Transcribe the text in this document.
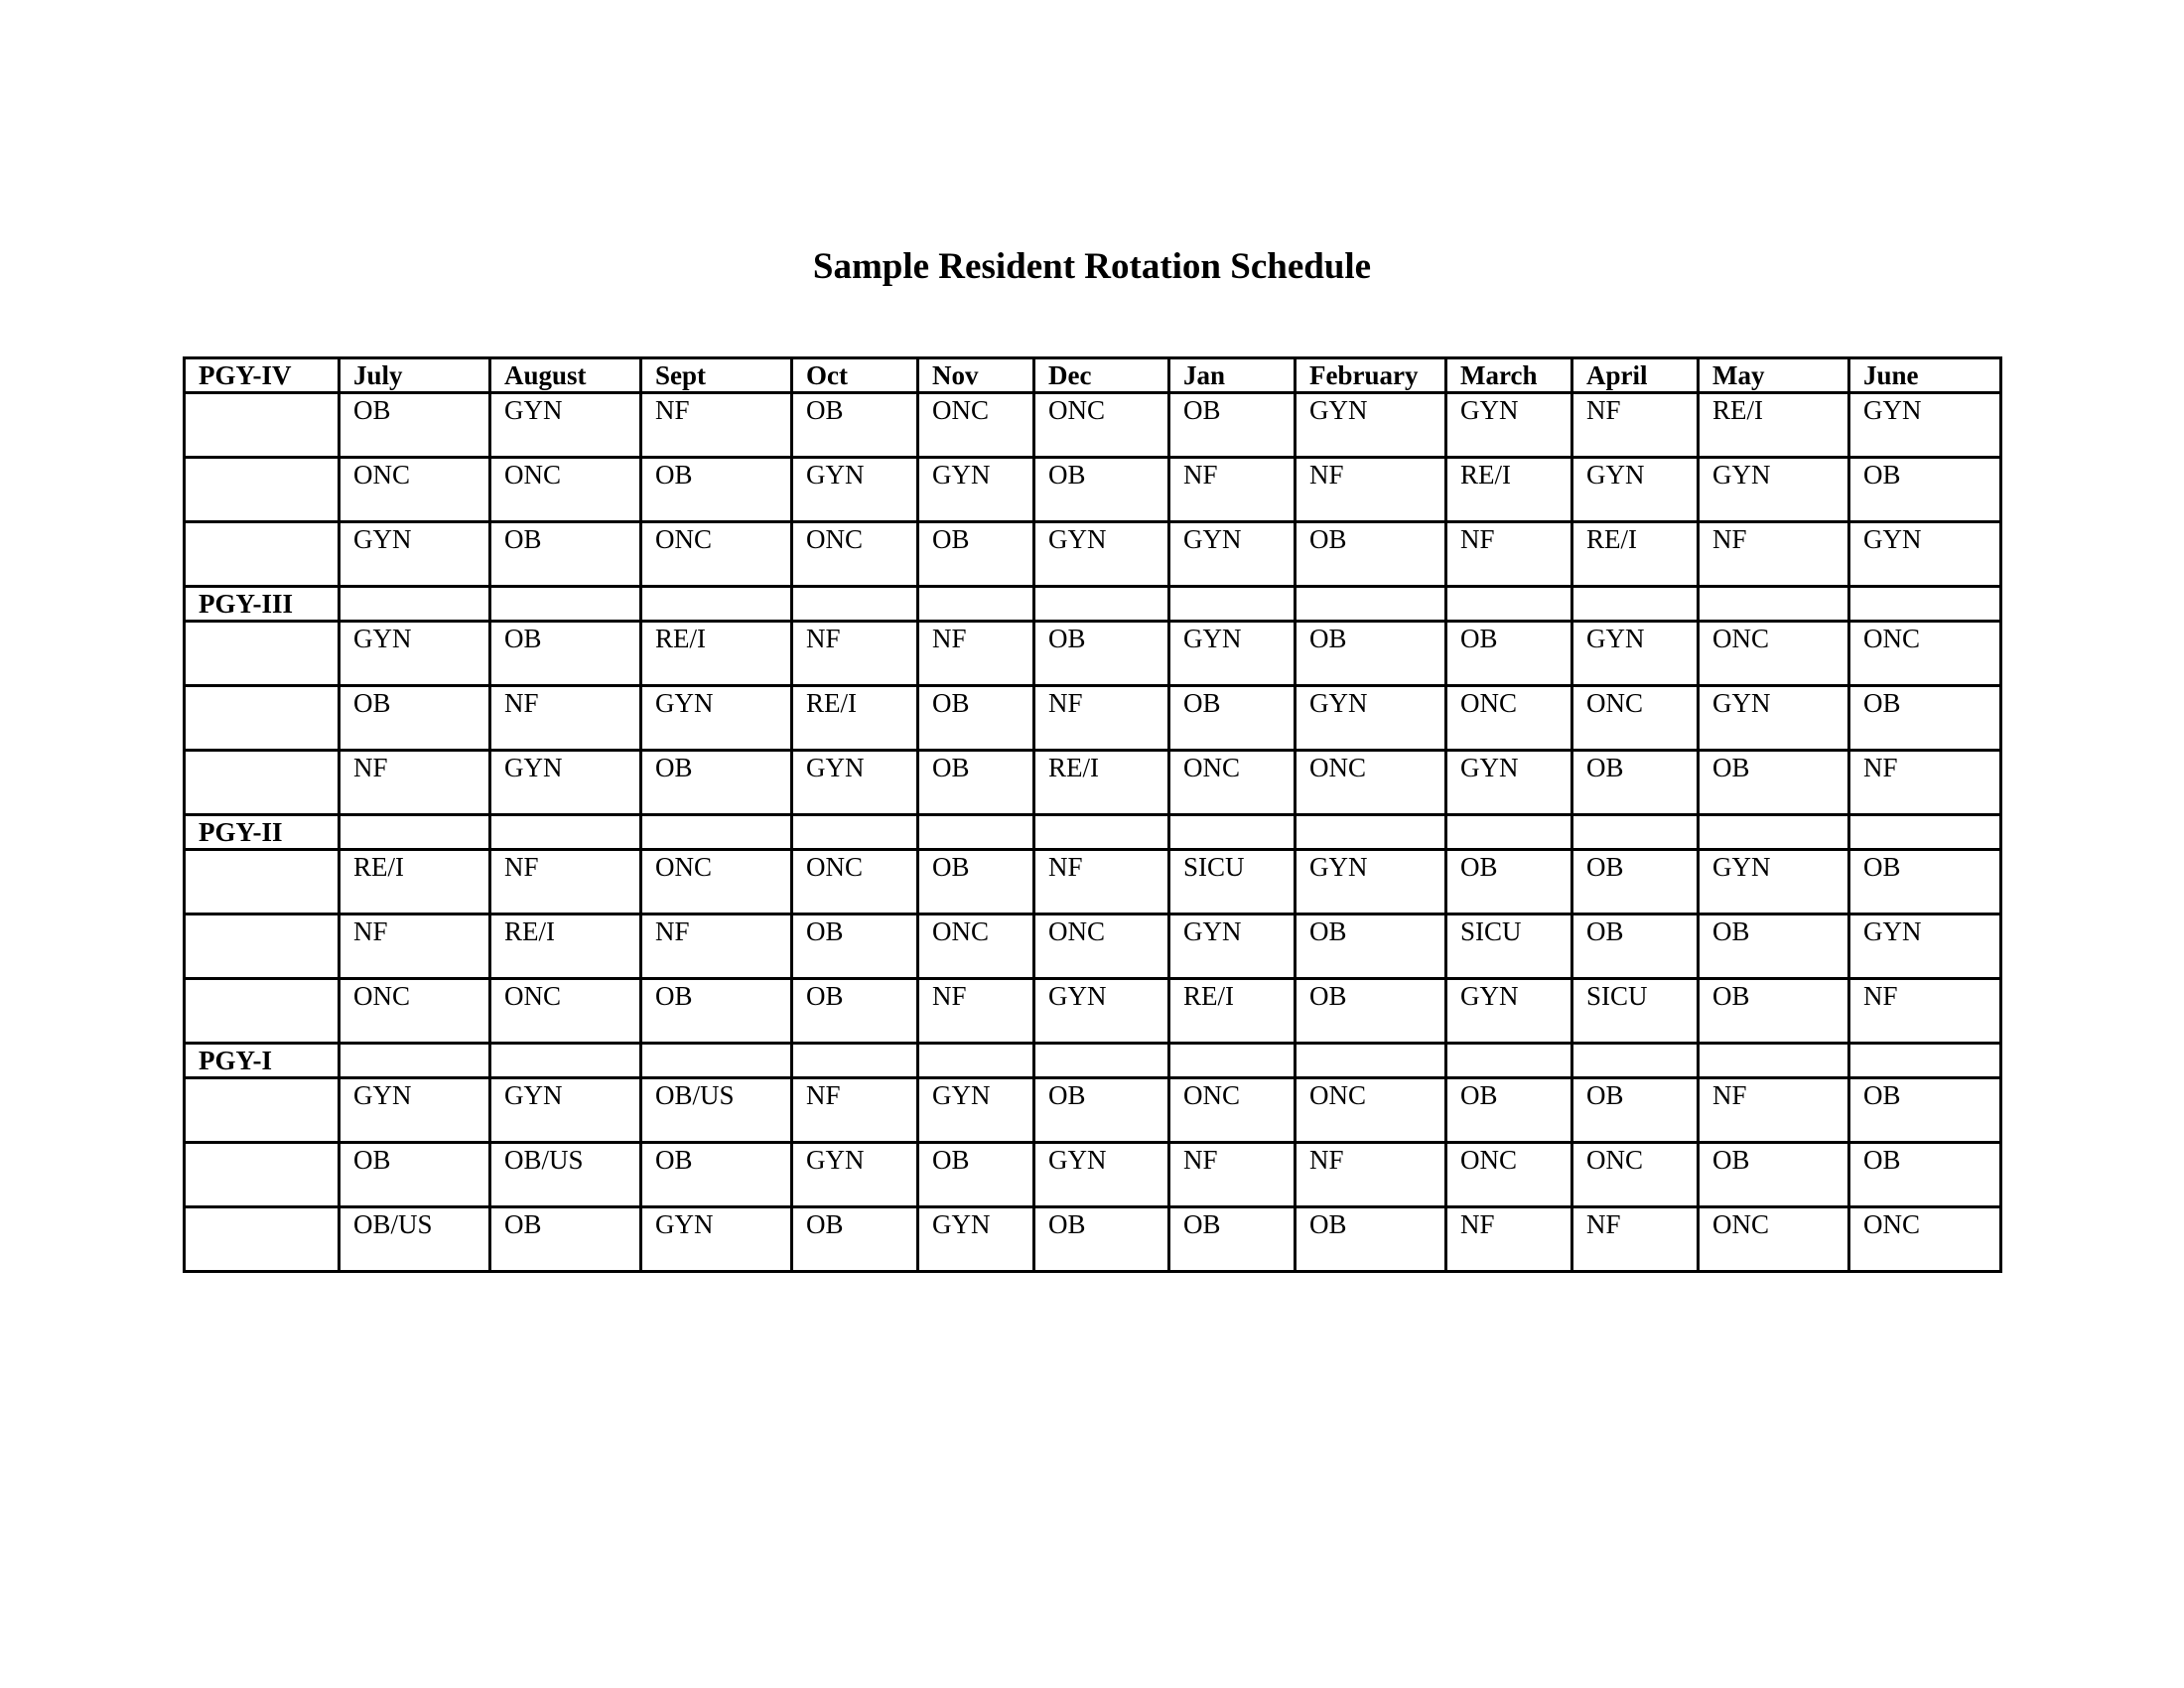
Sample Resident Rotation Schedule
PGY-IV	July	August	Sept	Oct	Nov	Dec	Jan	February	March	April	May	June
	OB	GYN	NF	OB	ONC	ONC	OB	GYN	GYN	NF	RE/I	GYN
	ONC	ONC	OB	GYN	GYN	OB	NF	NF	RE/I	GYN	GYN	OB
	GYN	OB	ONC	ONC	OB	GYN	GYN	OB	NF	RE/I	NF	GYN
PGY-III												
	GYN	OB	RE/I	NF	NF	OB	GYN	OB	OB	GYN	ONC	ONC
	OB	NF	GYN	RE/I	OB	NF	OB	GYN	ONC	ONC	GYN	OB
	NF	GYN	OB	GYN	OB	RE/I	ONC	ONC	GYN	OB	OB	NF
PGY-II												
	RE/I	NF	ONC	ONC	OB	NF	SICU	GYN	OB	OB	GYN	OB
	NF	RE/I	NF	OB	ONC	ONC	GYN	OB	SICU	OB	OB	GYN
	ONC	ONC	OB	OB	NF	GYN	RE/I	OB	GYN	SICU	OB	NF
PGY-I												
	GYN	GYN	OB/US	NF	GYN	OB	ONC	ONC	OB	OB	NF	OB
	OB	OB/US	OB	GYN	OB	GYN	NF	NF	ONC	ONC	OB	OB
	OB/US	OB	GYN	OB	GYN	OB	OB	OB	NF	NF	ONC	ONC
